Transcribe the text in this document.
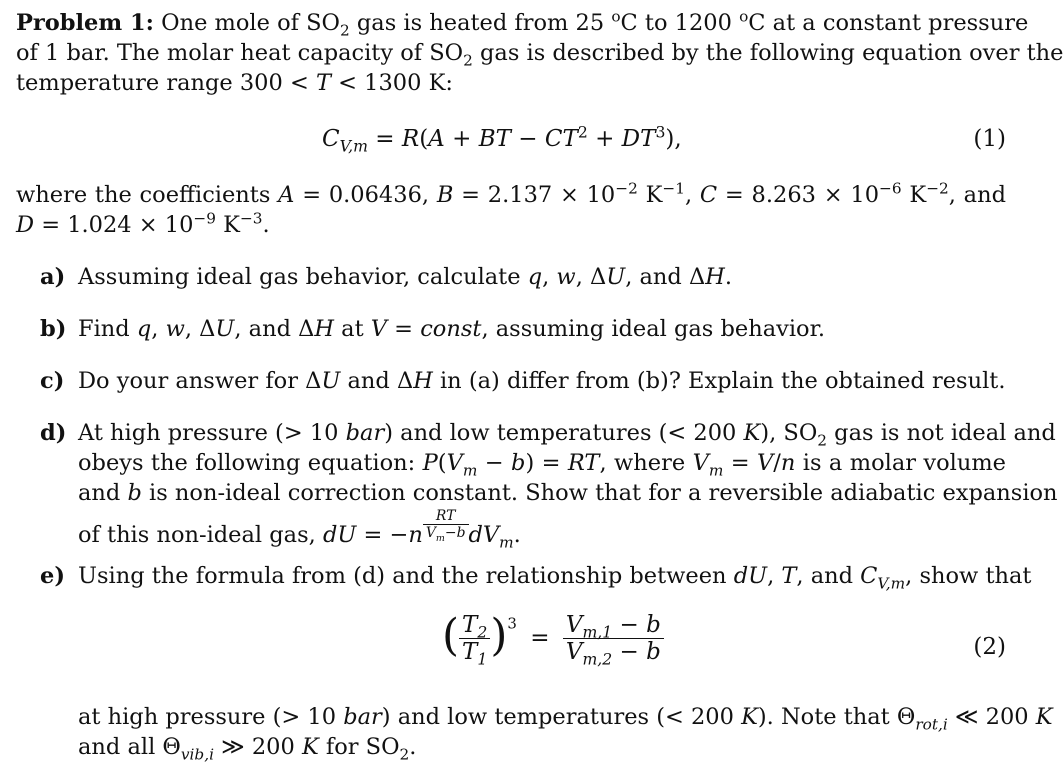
Problem 1: One mole of $SO_2$ gas is heated from 25 $^o$C to 1200 $^o$C at a constant pressure
of 1 bar. The molar heat capacity of $SO_2$ gas is described by the following equation over the
temperature range 300 < T < 1300 K:
$C_{V,m} = R(A$ + BT − $CT^2 + DT^3$),	(1)
where the coefficients A = 0.06436, $B = 2.137 \times 10^{-2}$ $K^{-1}$, $C = 8.263 \times 10^{-6}$ $K^{-2}$, and
$D = 1.024 \times 10^{-9}$ $K^{-3}$.
a) Assuming ideal gas behavior, calculate q, w, ΔU, and ΔH.
b) Find q, w, ΔU, and ΔH at V = const, assuming ideal gas behavior.
c) Do your answer for ΔU and ΔH in (a) differ from (b)? Explain the obtained result.
d) At high pressure (> 10 bar) and low temperatures (< 200 K), $SO_2$ gas is not ideal and
obeys the following equation: $P(V_m - b)$ = RT, where $V_m = V/n$ is a molar volume
and b is non-ideal correction constant. Show that for a reversible adiabatic expansion
of this non-ideal gas, dU = $-n \frac{RT}{V_m-b} dV_m$.
e) Using the formula from (d) and the relationship between dU, T, and $C_{V,m}$, show that
( $\frac{T_2}{T_1} )^3 = \frac{V_{m,1} - b}{V_{m,2} - b}$	(2)
at high pressure (> 10 bar) and low temperatures (< 200 K). Note that $\Theta_{rot,i}$ ≪ 200 K
and all $\Theta_{vib,i}$ ≫ 200 K for $SO_2$.
